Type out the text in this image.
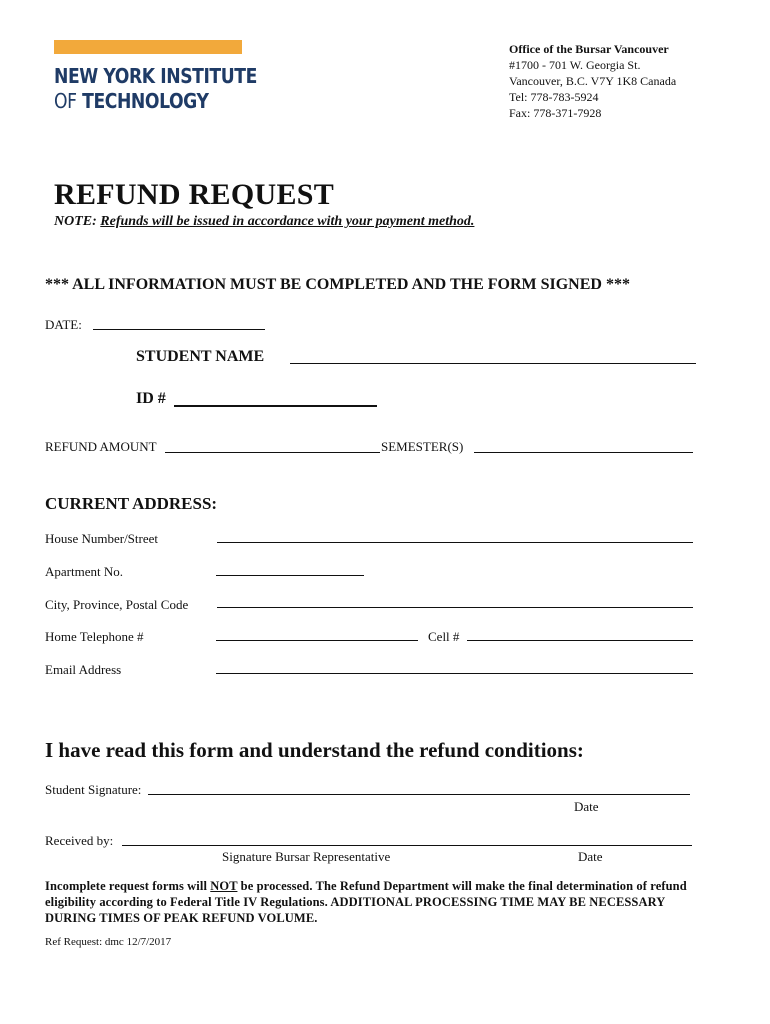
NEW YORK INSTITUTE
OF TECHNOLOGY
Office of the Bursar Vancouver
#1700 - 701 W. Georgia St.
Vancouver, B.C. V7Y 1K8 Canada
Tel: 778-783-5924
Fax: 778-371-7928
REFUND REQUEST
NOTE: Refunds will be issued in accordance with your payment method.
*** ALL INFORMATION MUST BE COMPLETED AND THE FORM SIGNED ***
DATE:
STUDENT NAME
ID #
REFUND AMOUNT	SEMESTER(S)
CURRENT ADDRESS:
House Number/Street
Apartment No.
City, Province, Postal Code
Home Telephone #	Cell #
Email Address
I have read this form and understand the refund conditions:
Student Signature:
Date
Received by:
Signature Bursar Representative	Date
Incomplete request forms will NOT be processed. The Refund Department will make the final determination of refund eligibility according to Federal Title IV Regulations. ADDITIONAL PROCESSING TIME MAY BE NECESSARY DURING TIMES OF PEAK REFUND VOLUME.
Ref Request: dmc 12/7/2017
